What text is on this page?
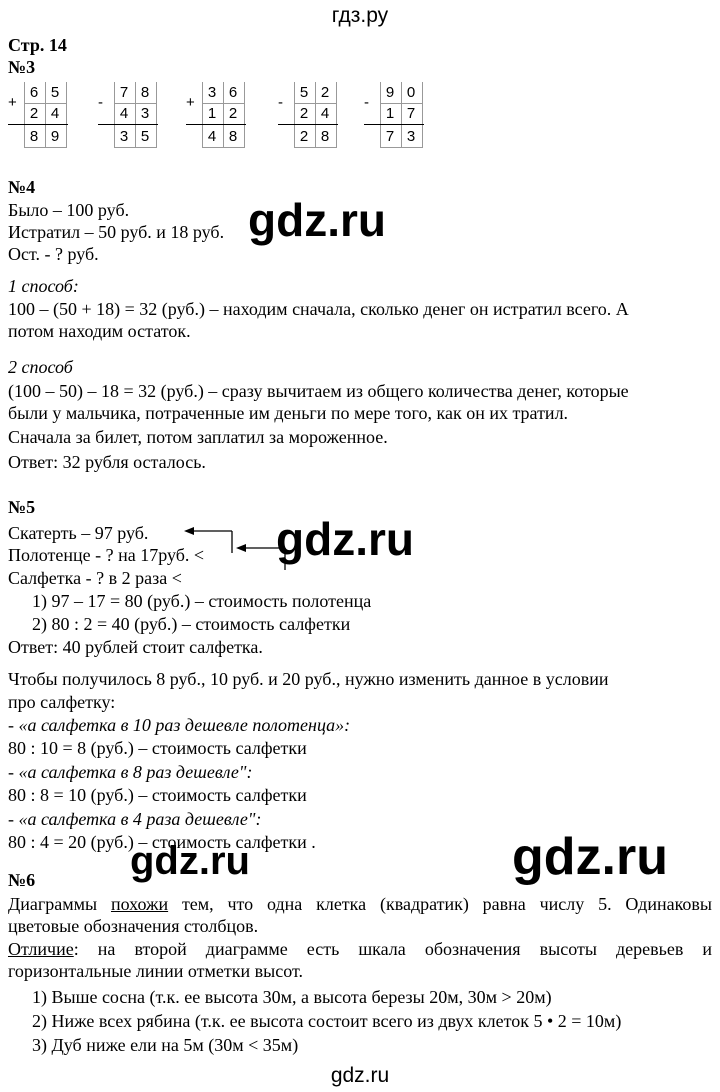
гдз.ру
Стр. 14
№3
+
6 5
2 4
8 9
-
7 8
4 3
3 5
+
3 6
1 2
4 8
-
5 2
2 4
2 8
-
9 0
1 7
7 3
№4
Было – 100 руб.
Истратил – 50 руб. и 18 руб.
Ост. - ? руб.
1 способ:
100 – (50 + 18) = 32 (руб.) – находим сначала, сколько денег он истратил всего. А
потом находим остаток.
2 способ
(100 – 50) – 18 = 32 (руб.) – сразу вычитаем из общего количества денег, которые
были у мальчика, потраченные им деньги по мере того, как он их тратил.
Сначала за билет, потом заплатил за мороженное.
Ответ: 32 рубля осталось.
№5
Скатерть – 97 руб.
Полотенце - ? на 17руб. <
Салфетка - ? в 2 раза <
1) 97 – 17 = 80 (руб.) – стоимость полотенца
2) 80 : 2 = 40 (руб.) – стоимость салфетки
Ответ: 40 рублей стоит салфетка.
Чтобы получилось 8 руб., 10 руб. и 20 руб., нужно изменить данное в условии
про салфетку:
- «а салфетка в 10 раз дешевле полотенца»:
80 : 10 = 8 (руб.) – стоимость салфетки
- «а салфетка в 8 раз дешевле":
80 : 8 = 10 (руб.) – стоимость салфетки
- «а салфетка в 4 раза дешевле":
80 : 4 = 20 (руб.) – стоимость салфетки .
№6
Диаграммы похожи тем, что одна клетка (квадратик) равна числу 5. Одинаковы
цветовые обозначения столбцов.
Отличие: на второй диаграмме есть шкала обозначения высоты деревьев и
горизонтальные линии отметки высот.
1) Выше сосна (т.к. ее высота 30м, а высота березы 20м, 30м > 20м)
2) Ниже всех рябина (т.к. ее высота состоит всего из двух клеток 5 • 2 = 10м)
3) Дуб ниже ели на 5м (30м < 35м)
gdz.ru
gdz.ru
gdz.ru	gdz.ru
gdz.ru
